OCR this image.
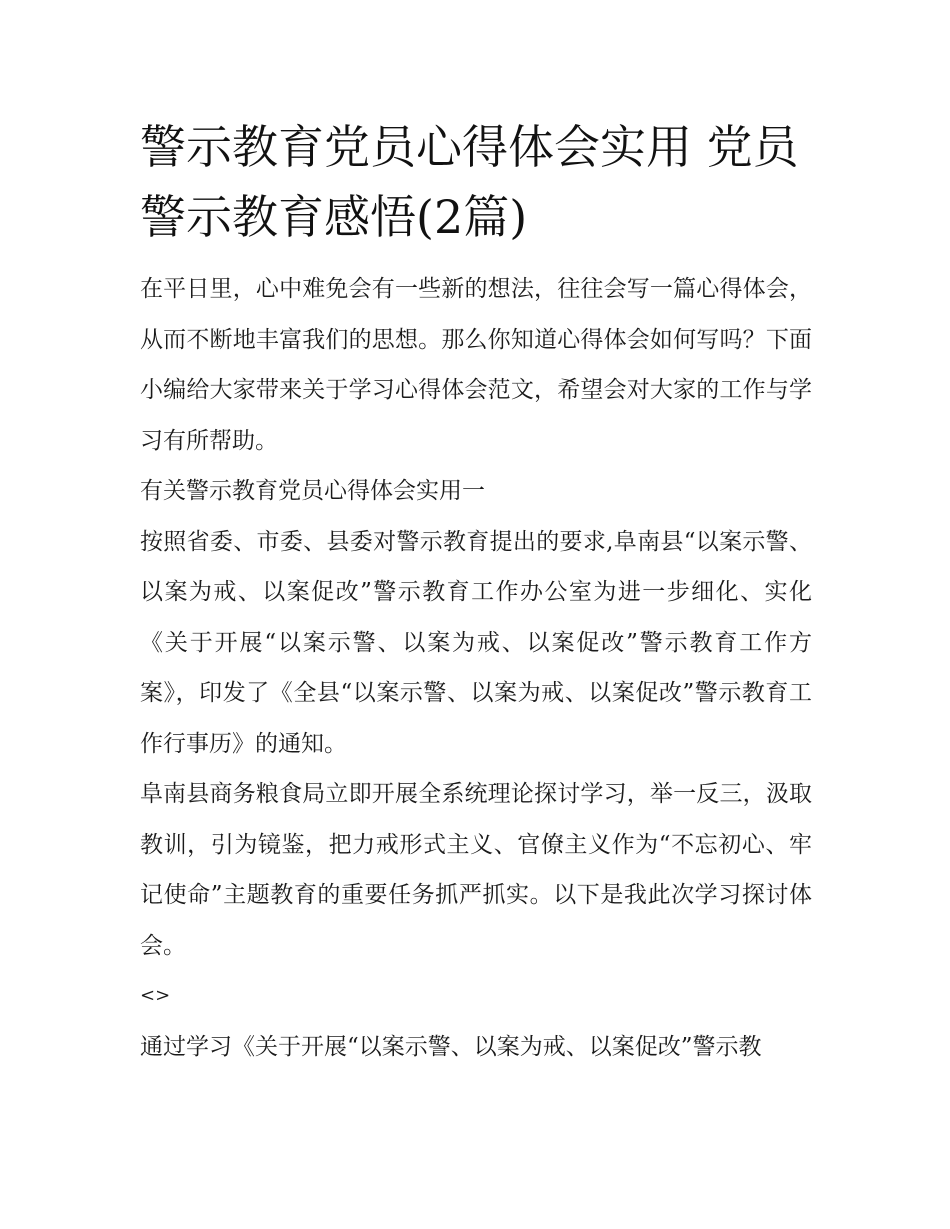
警示教育党员心得体会实用 党员警示教育感悟(2篇)

在平日里，心中难免会有一些新的想法，往往会写一篇心得体会，从而不断地丰富我们的思想。那么你知道心得体会如何写吗？下面小编给大家带来关于学习心得体会范文，希望会对大家的工作与学习有所帮助。

有关警示教育党员心得体会实用一

按照省委、市委、县委对警示教育提出的要求,阜南县“以案示警、以案为戒、以案促改”警示教育工作办公室为进一步细化、实化《关于开展“以案示警、以案为戒、以案促改”警示教育工作方案》，印发了《全县“以案示警、以案为戒、以案促改”警示教育工作行事历》的通知。

阜南县商务粮食局立即开展全系统理论探讨学习，举一反三，汲取教训，引为镜鉴，把力戒形式主义、官僚主义作为“不忘初心、牢记使命”主题教育的重要任务抓严抓实。以下是我此次学习探讨体会。

<>

通过学习《关于开展“以案示警、以案为戒、以案促改”警示教
